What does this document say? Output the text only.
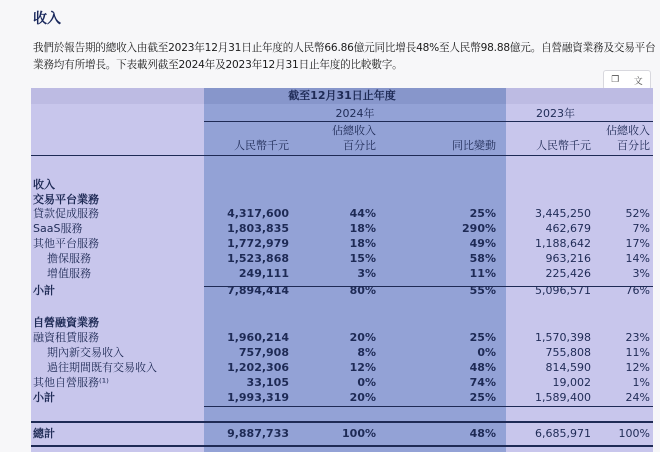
收入
我們於報告期的總收入由截至2023年12月31日止年度的人民幣66.86億元同比增長48%至人民幣98.88億元。自營融資業務及交易平台業務均有所增長。下表載列截至2024年及2023年12月31日止年度的比較數字。
❐ 文
截至12月31日止年度
2024年	2023年
人民幣千元
佔總收入
百分比	同比變動	人民幣千元
佔總收入
百分比
收入
交易平台業務
貸款促成服務	4,317,600	44%	25%	3,445,250	52%
SaaS服務	1,803,835	18%	290%	462,679	7%
其他平台服務	1,772,979	18%	49%	1,188,642	17%
擔保服務	1,523,868	15%	58%	963,216	14%
增值服務	249,111	3%	11%	225,426	3%
小計	7,894,414	80%	55%	5,096,571	76%
自營融資業務
融資租賃服務	1,960,214	20%	25%	1,570,398	23%
期內新交易收入	757,908	8%	0%	755,808	11%
過往期間既有交易收入	1,202,306	12%	48%	814,590	12%
其他自營服務⁽¹⁾	33,105	0%	74%	19,002	1%
小計	1,993,319	20%	25%	1,589,400	24%
總計	9,887,733	100%	48%	6,685,971	100%
